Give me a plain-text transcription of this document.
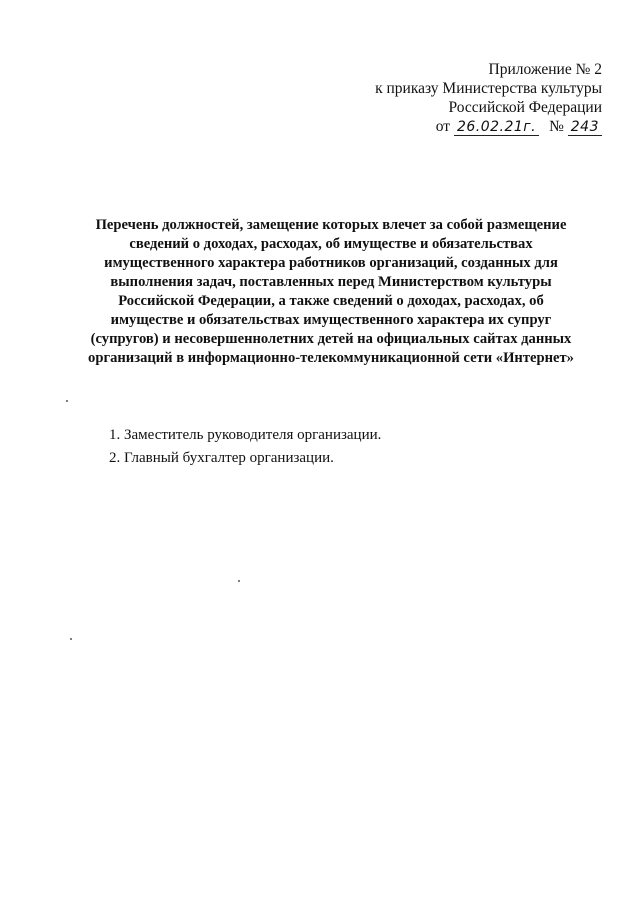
Приложение № 2
к приказу Министерства культуры
Российской Федерации
от 26.02.21г. № 243
Перечень должностей, замещение которых влечет за собой размещение
сведений о доходах, расходах, об имуществе и обязательствах
имущественного характера работников организаций, созданных для
выполнения задач, поставленных перед Министерством культуры
Российской Федерации, а также сведений о доходах, расходах, об
имуществе и обязательствах имущественного характера их супруг
(супругов) и несовершеннолетних детей на официальных сайтах данных
организаций в информационно-телекоммуникационной сети «Интернет»
1. Заместитель руководителя организации.
2. Главный бухгалтер организации.
